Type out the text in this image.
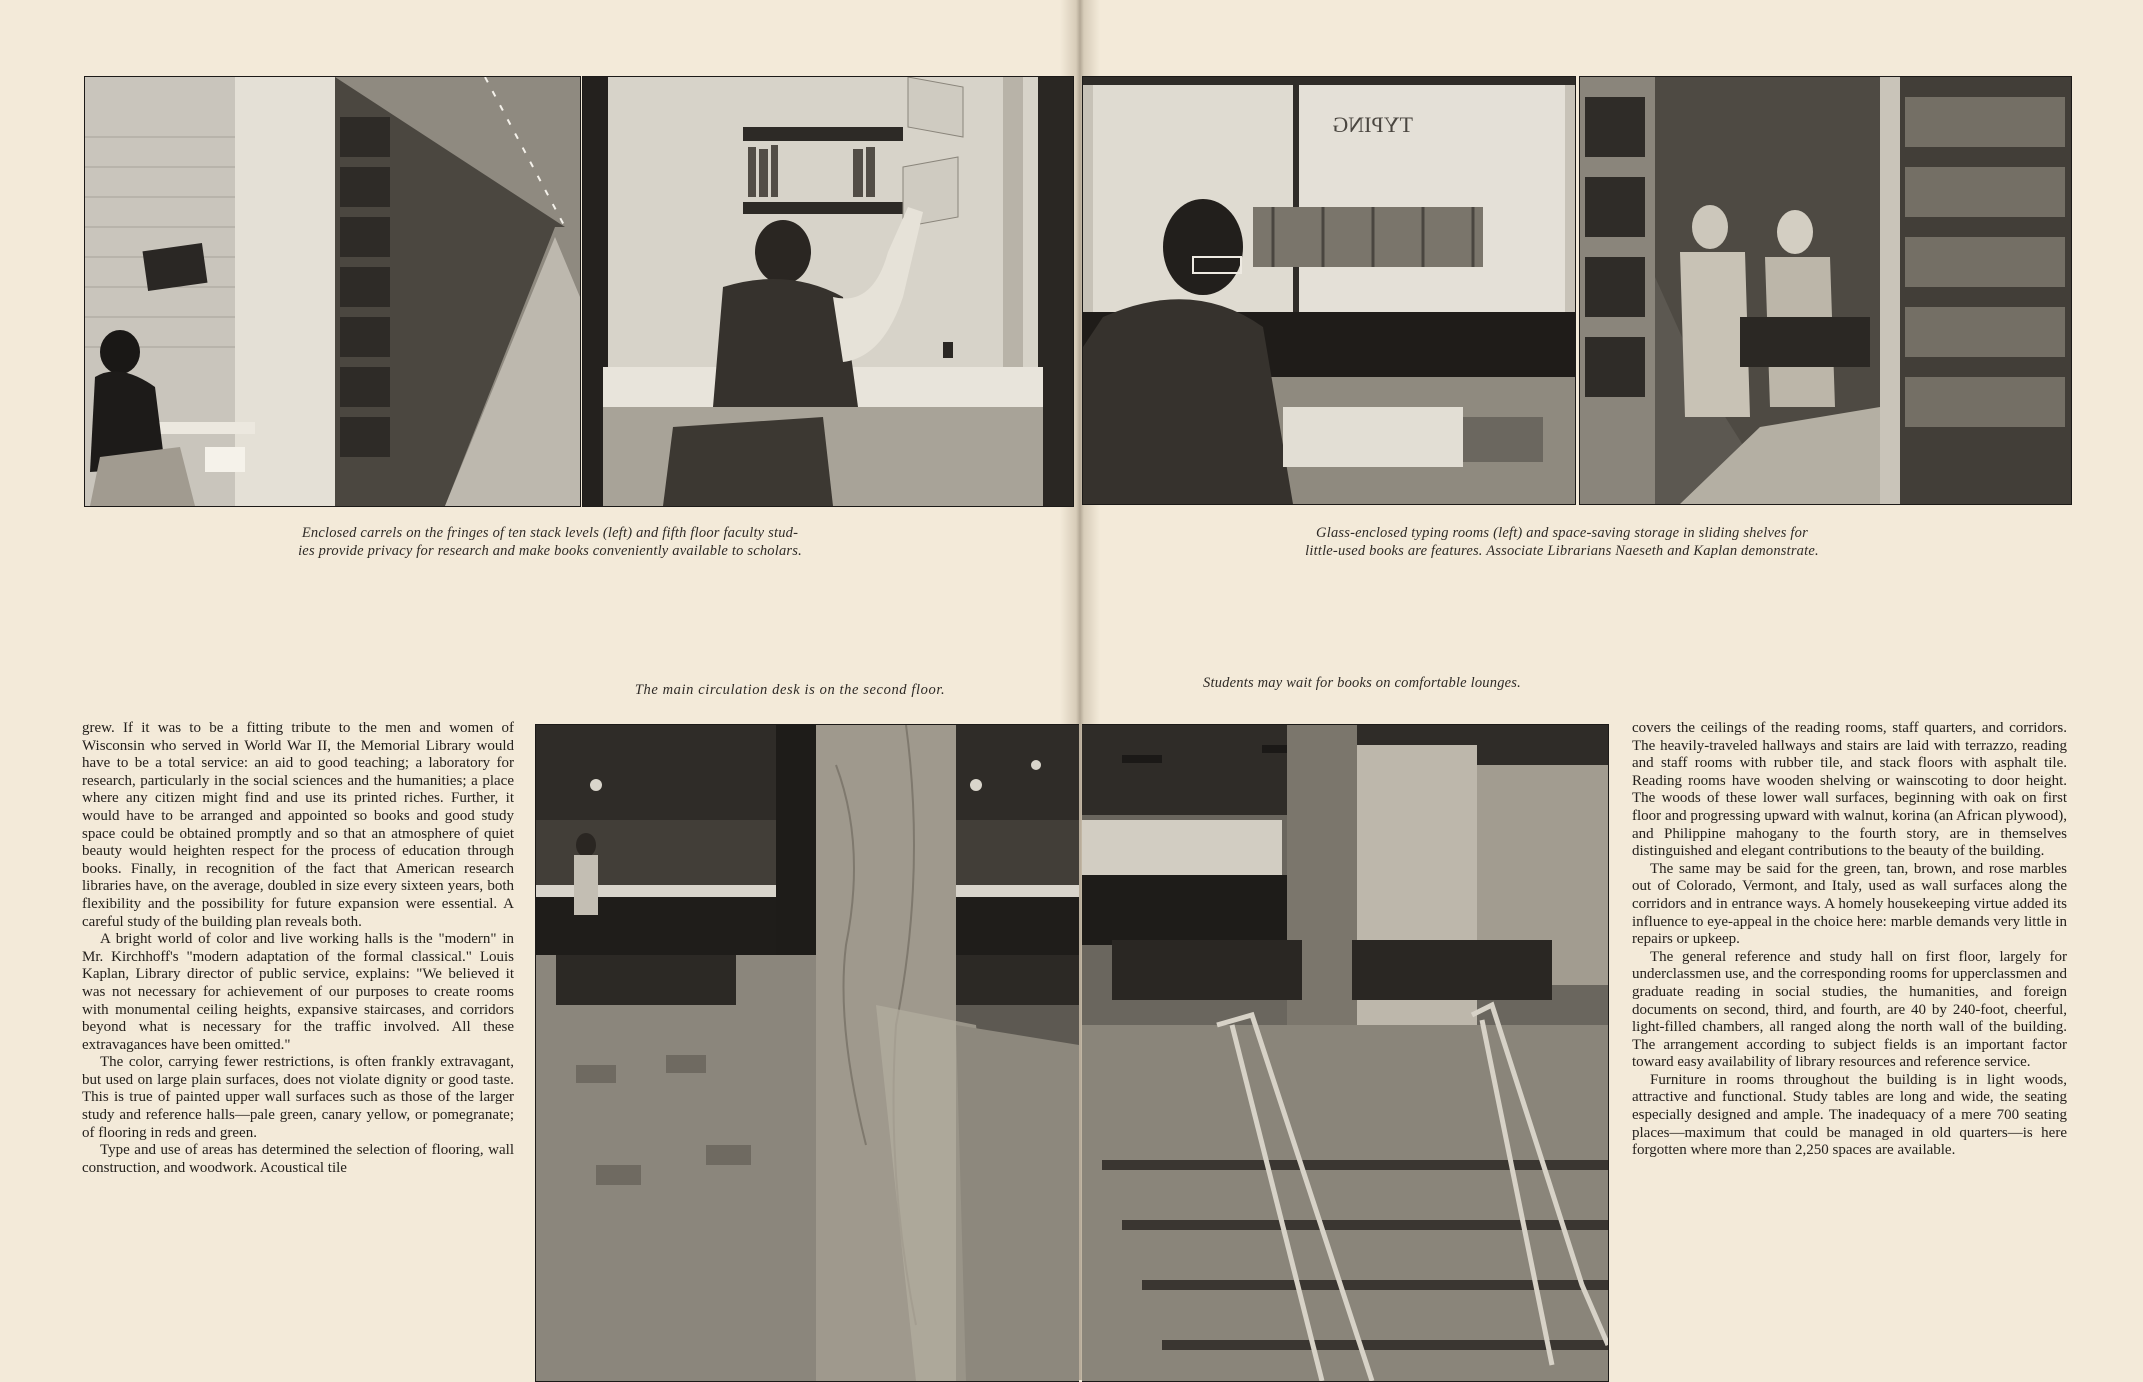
Enclosed carrels on the fringes of ten stack levels (left) and fifth floor faculty stud-
ies provide privacy for research and make books conveniently available to scholars.
The main circulation desk is on the second floor.

grew. If it was to be a fitting tribute to the men and women of Wisconsin who served in World War II, the Memorial Library would have to be a total service: an aid to good teaching; a laboratory for research, particularly in the social sciences and the humanities; a place where any citizen might find and use its printed riches. Further, it would have to be arranged and appointed so books and good study space could be obtained promptly and so that an atmosphere of quiet beauty would heighten respect for the process of education through books. Finally, in recognition of the fact that American research libraries have, on the average, doubled in size every sixteen years, both flexibility and the possibility for future expansion were essential. A careful study of the building plan reveals both.

A bright world of color and live working halls is the "modern" in Mr. Kirchhoff's "modern adaptation of the formal classical." Louis Kaplan, Library director of public service, explains: "We believed it was not necessary for achievement of our purposes to create rooms with monumental ceiling heights, expansive staircases, and corridors beyond what is necessary for the traffic involved. All these extravagances have been omitted."

The color, carrying fewer restrictions, is often frankly extravagant, but used on large plain surfaces, does not violate dignity or good taste. This is true of painted upper wall surfaces such as those of the larger study and reference halls—pale green, canary yellow, or pomegranate; of flooring in reds and green.

Type and use of areas has determined the selection of flooring, wall construction, and woodwork. Acoustical tile

TYPING
Glass-enclosed typing rooms (left) and space-saving storage in sliding shelves for
little-used books are features. Associate Librarians Naeseth and Kaplan demonstrate.
Students may wait for books on comfortable lounges.

covers the ceilings of the reading rooms, staff quarters, and corridors. The heavily-traveled hallways and stairs are laid with terrazzo, reading and staff rooms with rubber tile, and stack floors with asphalt tile. Reading rooms have wooden shelving or wainscoting to door height. The woods of these lower wall surfaces, beginning with oak on first floor and progressing upward with walnut, korina (an African plywood), and Philippine mahogany to the fourth story, are in themselves distinguished and elegant contributions to the beauty of the building.

The same may be said for the green, tan, brown, and rose marbles out of Colorado, Vermont, and Italy, used as wall surfaces along the corridors and in entrance ways. A homely housekeeping virtue added its influence to eye-appeal in the choice here: marble demands very little in repairs or upkeep.

The general reference and study hall on first floor, largely for underclassmen use, and the corresponding rooms for upperclassmen and graduate reading in social studies, the humanities, and foreign documents on second, third, and fourth, are 40 by 240-foot, cheerful, light-filled chambers, all ranged along the north wall of the building. The arrangement according to subject fields is an important factor toward easy availability of library resources and reference service.

Furniture in rooms throughout the building is in light woods, attractive and functional. Study tables are long and wide, the seating especially designed and ample. The inadequacy of a mere 700 seating places—maximum that could be managed in old quarters—is here forgotten where more than 2,250 spaces are available.
